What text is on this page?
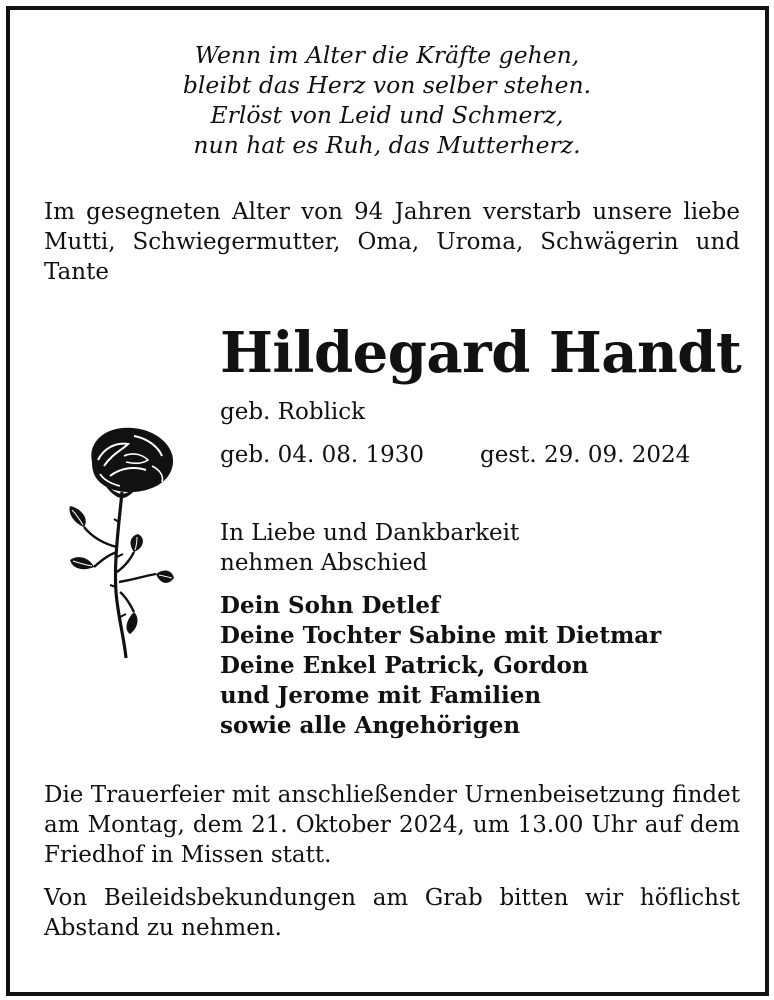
Wenn im Alter die Kräfte gehen,
bleibt das Herz von selber stehen.
Erlöst von Leid und Schmerz,
nun hat es Ruh, das Mutterherz.
Im gesegneten Alter von 94 Jahren verstarb unsere liebe Mutti, Schwiegermutter, Oma, Uroma, Schwägerin und Tante
Hildegard Handt
geb. Roblick
geb. 04. 08. 1930 gest. 29. 09. 2024
In Liebe und Dankbarkeit
nehmen Abschied
Dein Sohn Detlef
Deine Tochter Sabine mit Dietmar
Deine Enkel Patrick, Gordon
und Jerome mit Familien
sowie alle Angehörigen
Die Trauerfeier mit anschließender Urnenbeisetzung findet am Montag, dem 21. Oktober 2024, um 13.00 Uhr auf dem Friedhof in Missen statt.
Von Beileidsbekundungen am Grab bitten wir höflichst Abstand zu nehmen.
